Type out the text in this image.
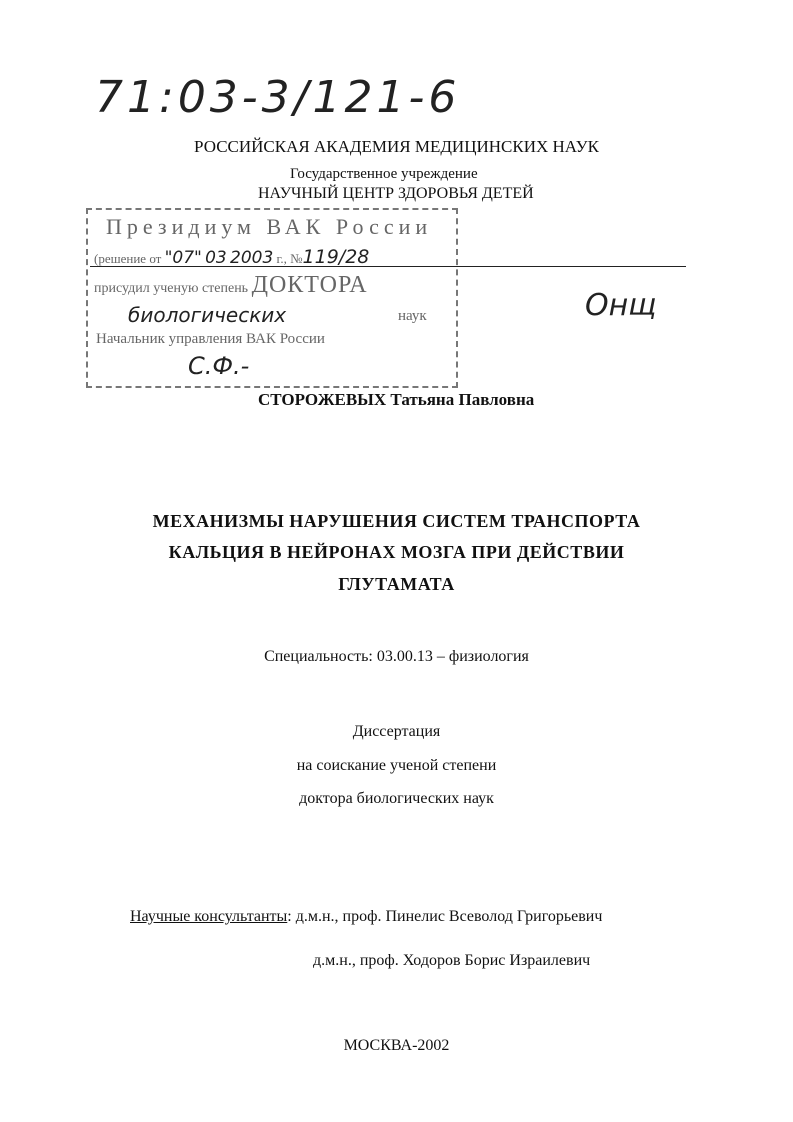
71:03-3/121-6
РОССИЙСКАЯ АКАДЕМИЯ МЕДИЦИНСКИХ НАУК
Государственное учреждение
НАУЧНЫЙ ЦЕНТР ЗДОРОВЬЯ ДЕТЕЙ
Президиум ВАК России
(решение от "07" 03 2003 г., №119/28
присудил ученую степень ДОКТОРА
биологических	наук
Начальник управления ВАК России
С.Ф.-
Онщ
СТОРОЖЕВЫХ Татьяна Павловна
МЕХАНИЗМЫ НАРУШЕНИЯ СИСТЕМ ТРАНСПОРТА
КАЛЬЦИЯ В НЕЙРОНАХ МОЗГА ПРИ ДЕЙСТВИИ
ГЛУТАМАТА
Специальность: 03.00.13 – физиология
Диссертация
на соискание ученой степени
доктора биологических наук
Научные консультанты: д.м.н., проф. Пинелис Всеволод Григорьевич
д.м.н., проф. Ходоров Борис Израилевич
МОСКВА-2002
